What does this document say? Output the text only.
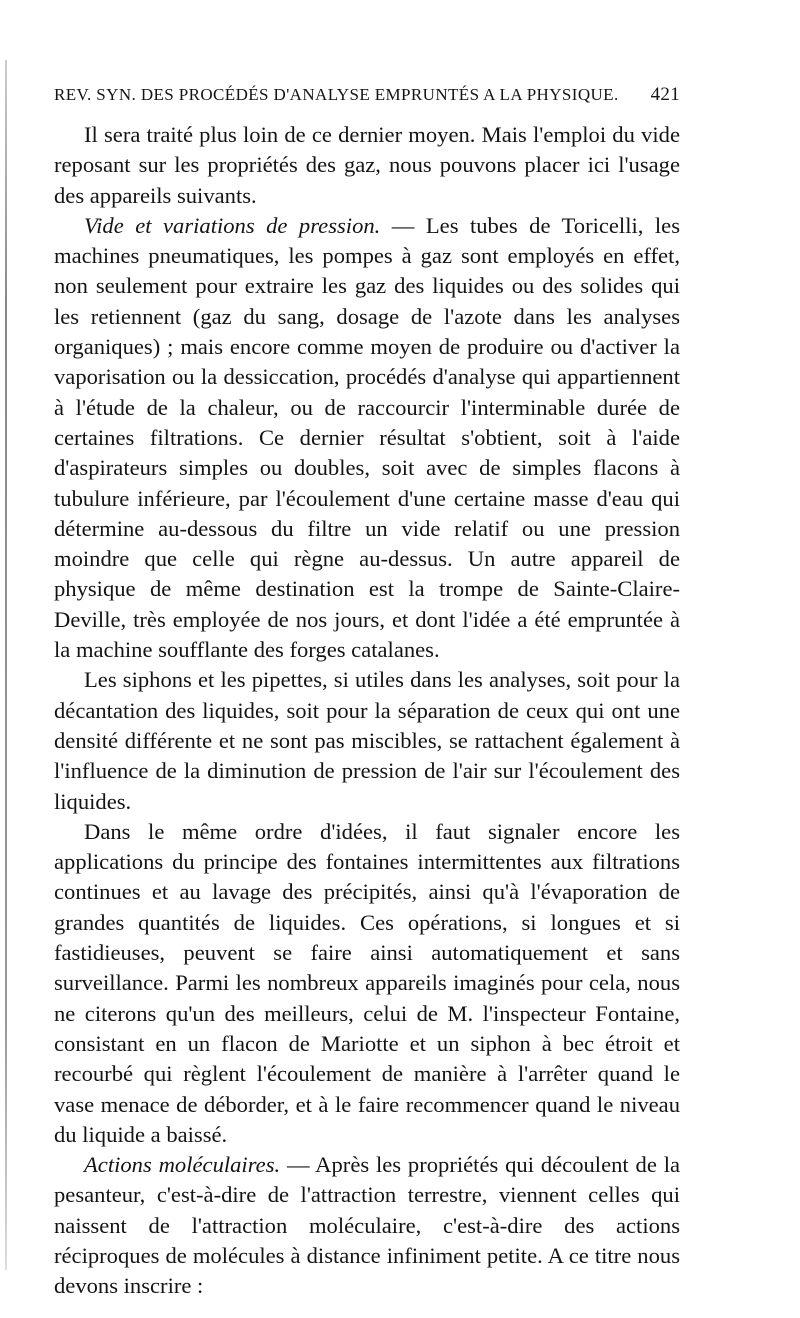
REV. SYN. DES PROCÉDÉS D'ANALYSE EMPRUNTÉS A LA PHYSIQUE. 421

Il sera traité plus loin de ce dernier moyen. Mais l'emploi du vide reposant sur les propriétés des gaz, nous pouvons placer ici l'usage des appareils suivants.

Vide et variations de pression. — Les tubes de Toricelli, les machines pneumatiques, les pompes à gaz sont employés en effet, non seulement pour extraire les gaz des liquides ou des solides qui les retiennent (gaz du sang, dosage de l'azote dans les analyses organiques) ; mais encore comme moyen de produire ou d'activer la vaporisation ou la dessiccation, procédés d'analyse qui appartiennent à l'étude de la chaleur, ou de raccourcir l'interminable durée de certaines filtrations. Ce dernier résultat s'obtient, soit à l'aide d'aspirateurs simples ou doubles, soit avec de simples flacons à tubulure inférieure, par l'écoulement d'une certaine masse d'eau qui détermine au-dessous du filtre un vide relatif ou une pression moindre que celle qui règne au-dessus. Un autre appareil de physique de même destination est la trompe de Sainte-Claire-Deville, très employée de nos jours, et dont l'idée a été empruntée à la machine soufflante des forges catalanes.

Les siphons et les pipettes, si utiles dans les analyses, soit pour la décantation des liquides, soit pour la séparation de ceux qui ont une densité différente et ne sont pas miscibles, se rattachent également à l'influence de la diminution de pression de l'air sur l'écoulement des liquides.

Dans le même ordre d'idées, il faut signaler encore les applications du principe des fontaines intermittentes aux filtrations continues et au lavage des précipités, ainsi qu'à l'évaporation de grandes quantités de liquides. Ces opérations, si longues et si fastidieuses, peuvent se faire ainsi automatiquement et sans surveillance. Parmi les nombreux appareils imaginés pour cela, nous ne citerons qu'un des meilleurs, celui de M. l'inspecteur Fontaine, consistant en un flacon de Mariotte et un siphon à bec étroit et recourbé qui règlent l'écoulement de manière à l'arrêter quand le vase menace de déborder, et à le faire recommencer quand le niveau du liquide a baissé.

Actions moléculaires. — Après les propriétés qui découlent de la pesanteur, c'est-à-dire de l'attraction terrestre, viennent celles qui naissent de l'attraction moléculaire, c'est-à-dire des actions réciproques de molécules à distance infiniment petite. A ce titre nous devons inscrire :
